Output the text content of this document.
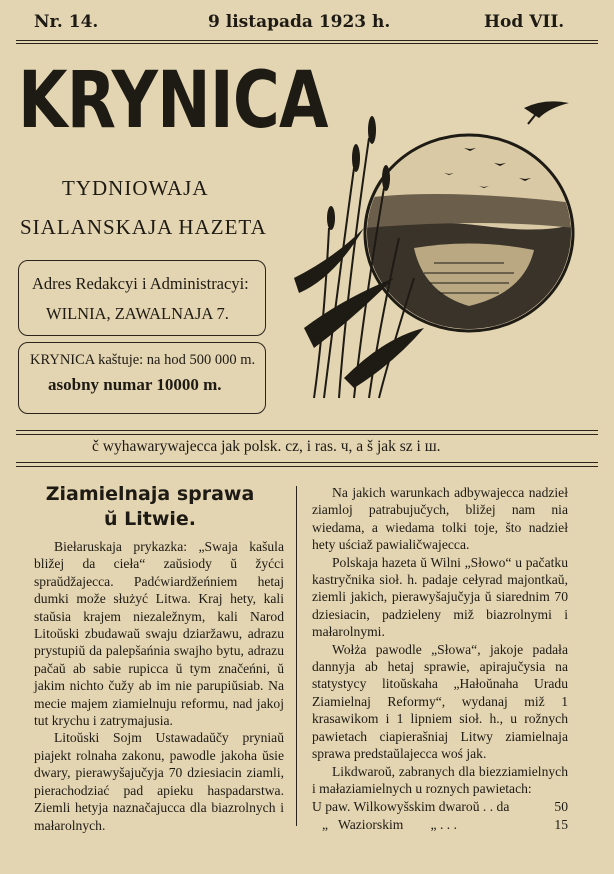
Nr. 14.	9 listapada 1923 h.	Hod VII.
KRYNICA
TYDNIOWAJA
SIALANSKAJA HAZETA
Adres Redakcyi i Administracyi:
WILNIA, ZAWALNAJA 7.
KRYNICA kaštuje: na hod 500 000 m.
asobny numar 10000 m.
č wyhawarywajecca jak polsk. cz, i ras. ч, a š jak sz i ш.
Ziamielnaja sprawa
ŭ Litwie.

Biełaruskaja prykazka: „Swaja kašula bližej da cieła“ zaŭsiody ŭ žyćci spraŭdžajecca. Padćwiardžeńniem hetaj dumki može służyć Litwa. Kraj hety, kali staŭsia krajem niezaležnym, kali Narod Litoŭski zbudawaŭ swaju dziaržawu, adrazu prystupiŭ da palepšańnia swajho bytu, adrazu pačaŭ ab sabie rupicca ŭ tym značeńni, ŭ jakim nichto čužy ab im nie parupiŭsiab. Na mecie majem ziamielnuju reformu, nad jakoj tut krychu i zatrymajusia.

Litoŭski Sojm Ustawadaŭčy pryniaŭ piajekt rolnaha zakonu, pawodle jakoha ŭsie dwary, pierawyšajučyja 70 dziesiacin ziamli, pierachodziać pad apieku haspadarstwa. Ziemli hetyja naznačajucca dla biazrolnych i małarolnych.

Na jakich warunkach adbywajecca nadzieł ziamloj patrabujučych, bližej nam nia wiedama, a wiedama tolki toje, što nadzieł hety uściaž pawialičwajecca.

Polskaja hazeta ŭ Wilni „Słowo“ u pačatku kastryčnika sioł. h. padaje cełyrad majontkaŭ, ziemli jakich, pierawyšajučyja ŭ siarednim 70 dziesiacin, padzieleny miž biazrolnymi i małarolnymi.

Wołża pawodle „Słowa“, jakoje padała dannyja ab hetaj sprawie, apirajučysia na statystycy litoŭskaha „Hałoŭnaha Uradu Ziamielnaj Reformy“, wydanaj miž 1 krasawikom i 1 lipniem sioł. h., u rožnych pawietach ciapierašniaj Litwy ziamielnaja sprawa predstaŭlajecca woś jak.

Likdwaroŭ, zabranych dla biezziamielnych i małaziamielnych u roznych pawietach:

U paw. Wilkowyšskim dwaroŭ . . da	50
„ Waziorskim „ . . .	15
